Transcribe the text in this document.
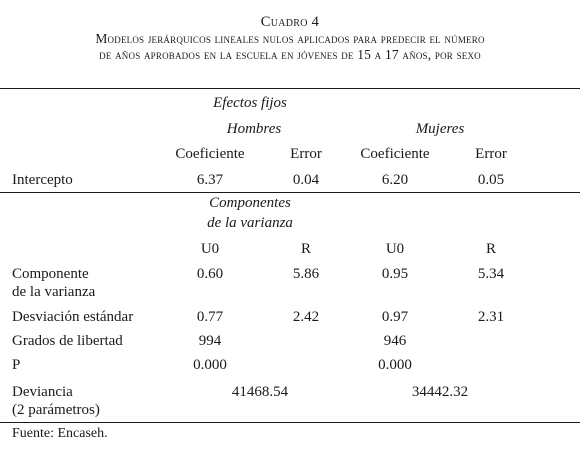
Cuadro 4
Modelos jerárquicos lineales nulos aplicados para predecir el número
de años aprobados en la escuela en jóvenes de 15 a 17 años, por sexo
Efectos fijos
Hombres	Mujeres
Coeficiente	Error	Coeficiente	Error
Intercepto	6.37	0.04	6.20	0.05
Componentes
de la varianza
U0	R	U0	R
Componente
de la varianza
0.60	5.86	0.95	5.34
Desviación estándar	0.77	2.42	0.97	2.31
Grados de libertad	994	946
P	0.000	0.000
Deviancia
(2 parámetros)
41468.54	34442.32
Fuente: Encaseh.
